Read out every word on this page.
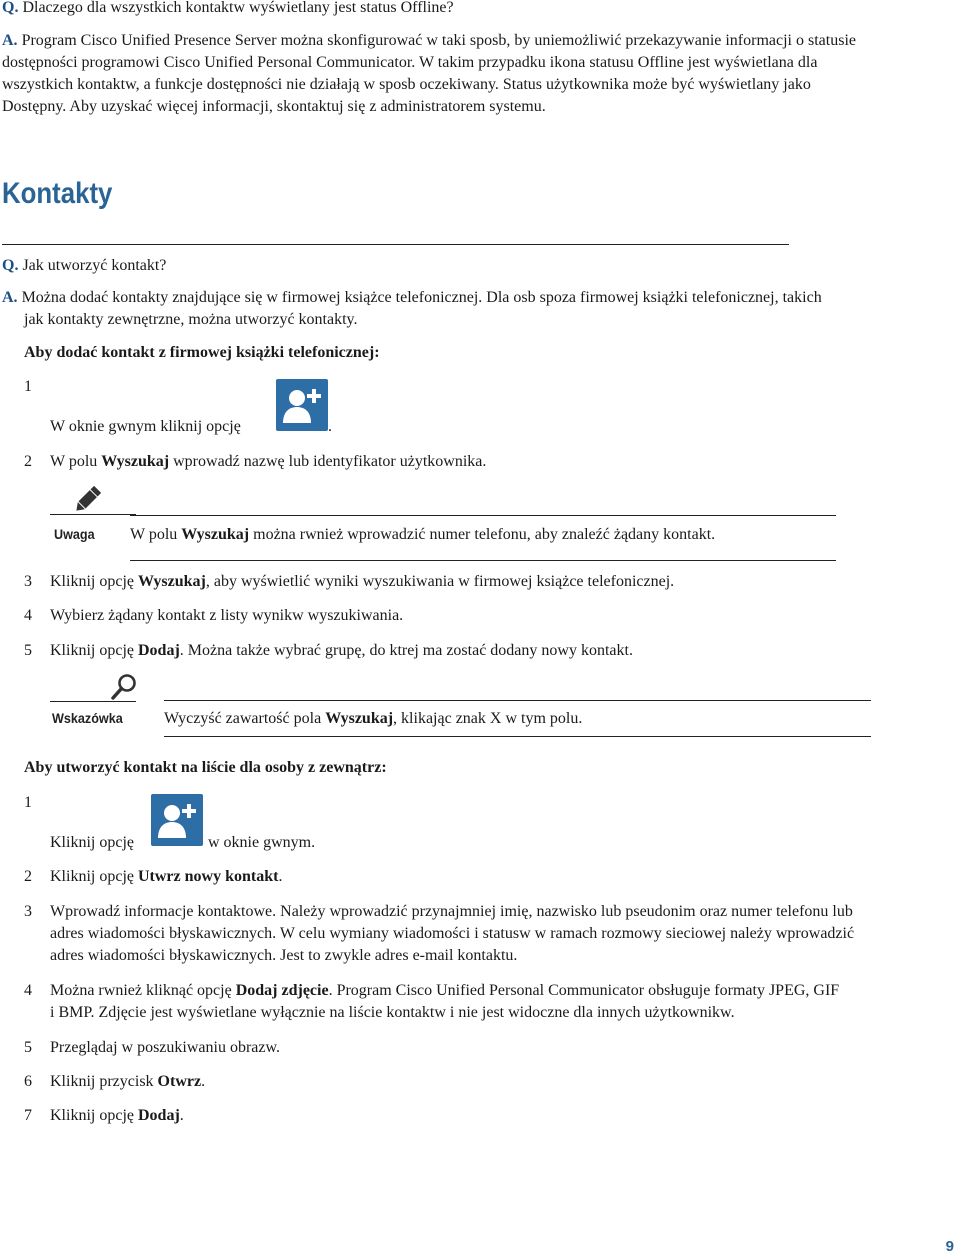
Q. Dlaczego dla wszystkich kontaktw wyświetlany jest status Offline?

A. Program Cisco Unified Presence Server można skonfigurować w taki sposb, by uniemożliwić przekazywanie informacji o statusie

dostępności programowi Cisco Unified Personal Communicator. W takim przypadku ikona statusu Offline jest wyświetlana dla

wszystkich kontaktw, a funkcje dostępności nie działają w sposb oczekiwany. Status użytkownika może być wyświetlany jako

Dostępny. Aby uzyskać więcej informacji, skontaktuj się z administratorem systemu.

Kontakty

Q. Jak utworzyć kontakt?

A. Można dodać kontakty znajdujące się w firmowej książce telefonicznej. Dla osb spoza firmowej książki telefonicznej, takich

jak kontakty zewnętrzne, można utworzyć kontakty.

Aby dodać kontakt z firmowej książki telefonicznej:

1

W oknie gwnym kliknij opcję	.

2 W polu Wyszukaj wprowadź nazwę lub identyfikator użytkownika.

Uwaga W polu Wyszukaj można rwnież wprowadzić numer telefonu, aby znaleźć żądany kontakt.

3 Kliknij opcję Wyszukaj, aby wyświetlić wyniki wyszukiwania w firmowej książce telefonicznej.

4 Wybierz żądany kontakt z listy wynikw wyszukiwania.

5 Kliknij opcję Dodaj. Można także wybrać grupę, do ktrej ma zostać dodany nowy kontakt.

Wskazówka	Wyczyść zawartość pola Wyszukaj, klikając znak X w tym polu.

Aby utworzyć kontakt na liście dla osoby z zewnątrz:

1

Kliknij opcję	w oknie gwnym.

2 Kliknij opcję Utwrz nowy kontakt.

3 Wprowadź informacje kontaktowe. Należy wprowadzić przynajmniej imię, nazwisko lub pseudonim oraz numer telefonu lub

adres wiadomości błyskawicznych. W celu wymiany wiadomości i statusw w ramach rozmowy sieciowej należy wprowadzić

adres wiadomości błyskawicznych. Jest to zwykle adres e-mail kontaktu.

4 Można rwnież kliknąć opcję Dodaj zdjęcie. Program Cisco Unified Personal Communicator obsługuje formaty JPEG, GIF

i BMP. Zdjęcie jest wyświetlane wyłącznie na liście kontaktw i nie jest widoczne dla innych użytkownikw.

5 Przeglądaj w poszukiwaniu obrazw.

6 Kliknij przycisk Otwrz.

7 Kliknij opcję Dodaj.

9
